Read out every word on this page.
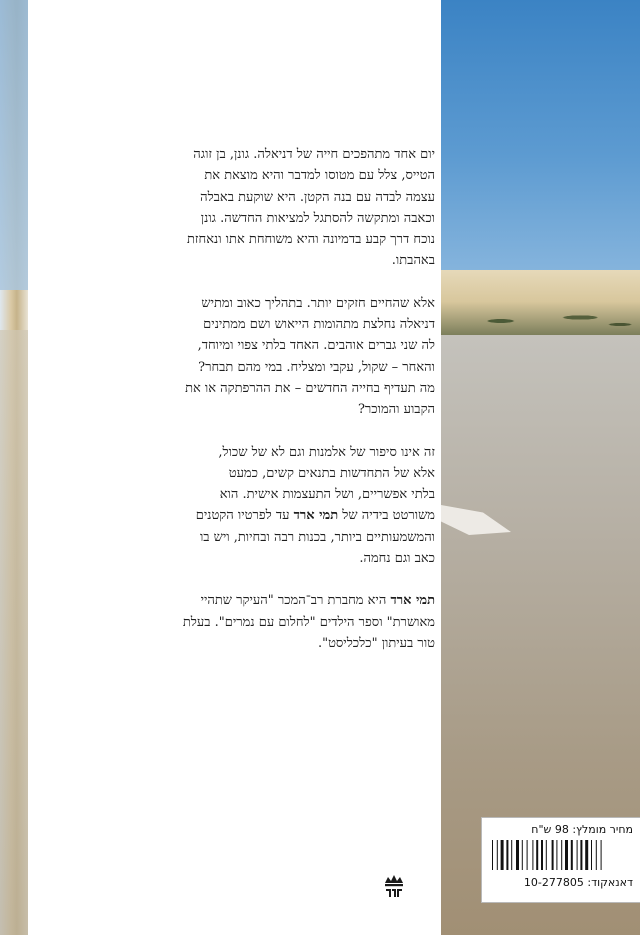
יום אחד מתהפכים חייה של דניאלה. גונן, בן זוגה
הטייס, צלל עם מטוסו למדבר והיא מוצאת את
עצמה לבדה עם בנה הקטן. היא שוקעת באבלה
וכאבה ומתקשה להסתגל למציאות החדשה. גונן
נוכח דרך קבע בדמיונה והיא משוחחת אתו ונאחזת
באהבתו.

אלא שהחיים חזקים יותר. בתהליך כאוב ומתיש
דניאלה נחלצת מתהומות הייאוש ושם ממתינים
לה שני גברים אוהבים. האחד בלתי צפוי ומיוחד,
והאחר – שקול, עקבי ומצליח. במי מהם תבחר?
מה תעדיף בחייה החדשים – את ההרפתקה או את
הקבוע והמוכר?

זה אינו סיפור של אלמנות וגם לא של שכול,
אלא של התחדשות בתנאים קשים, כמעט
בלתי אפשריים, ושל התעצמות אישית. הוא
משורטט בידיה של תמי ארד עד לפרטיו הקטנים
והמשמעותיים ביותר, בכנות רבה ובחיות, ויש בו
כאב וגם נחמה.

תמי ארד היא מחברת רב־המכר "העיקר שתהיי
מאושרת" וספר הילדים "לחלום עם נמרים". בעלת
טור בעיתון "כלכליסט".

מחיר מומלץ: 98 ש"ח
דאנאקוד: 10-277805
